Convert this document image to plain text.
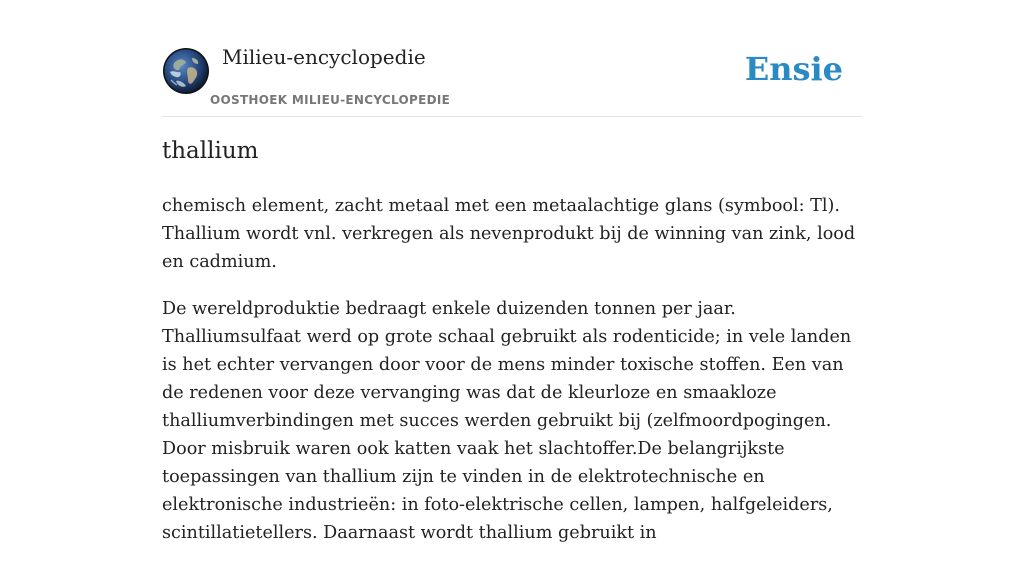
Milieu-encyclopedie
OOSTHOEK MILIEU-ENCYCLOPEDIE
Ensie
thallium

chemisch element, zacht metaal met een metaalachtige glans (symbool: Tl). Thallium wordt vnl. verkregen als nevenprodukt bij de winning van zink, lood en cadmium.

De wereldproduktie bedraagt enkele duizenden tonnen per jaar. Thalliumsulfaat werd op grote schaal gebruikt als rodenticide; in vele landen is het echter vervangen door voor de mens minder toxische stoffen. Een van de redenen voor deze vervanging was dat de kleurloze en smaakloze thalliumverbindingen met succes werden gebruikt bij (zelfmoordpogingen. Door misbruik waren ook katten vaak het slachtoffer.De belangrijkste toepassingen van thallium zijn te vinden in de elektrotechnische en elektronische industrieën: in foto-elektrische cellen, lampen, halfgeleiders, scintillatietellers. Daarnaast wordt thallium gebruikt in
